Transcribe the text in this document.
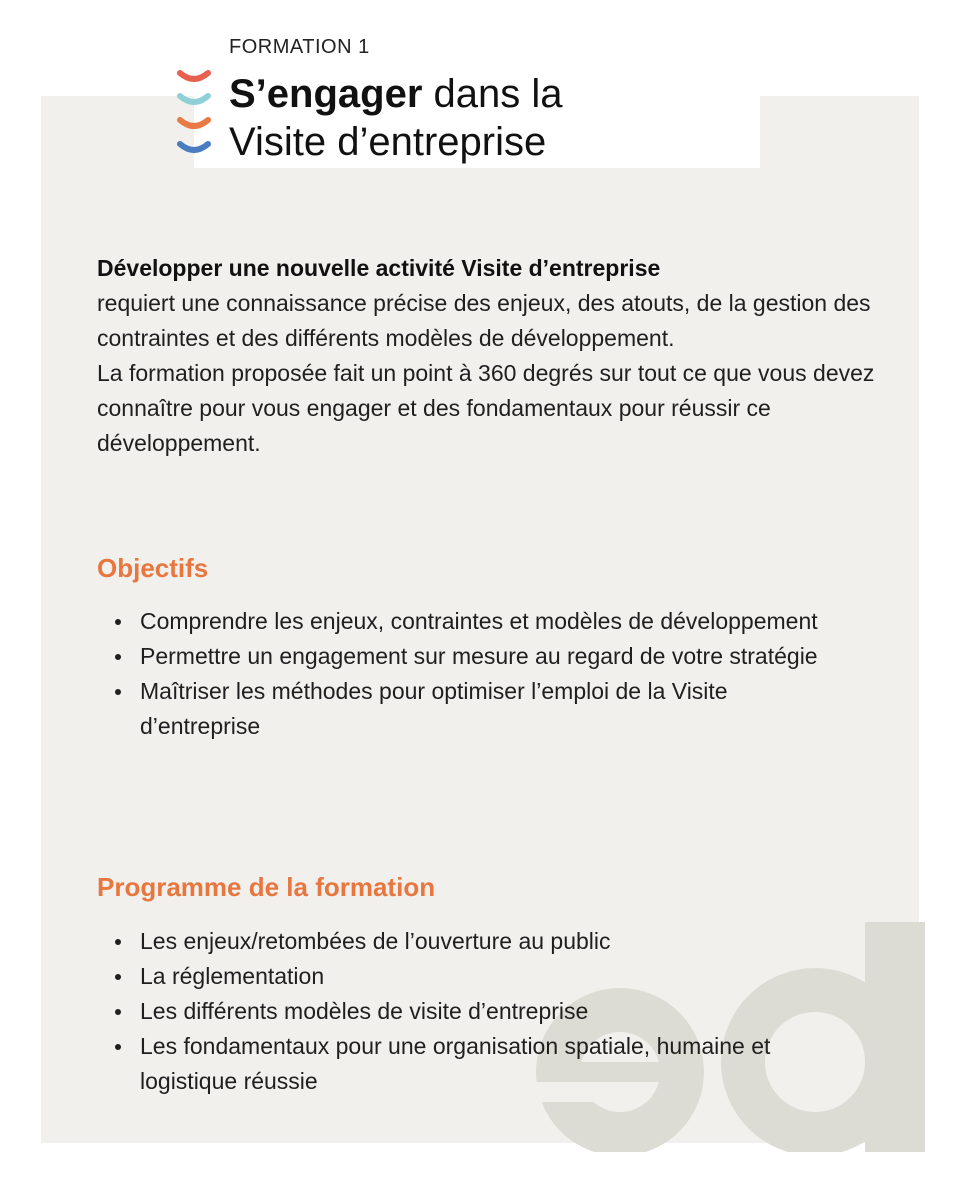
FORMATION 1
S’engager dans la
Visite d’entreprise

Développer une nouvelle activité Visite d’entreprise

requiert une connaissance précise des enjeux, des atouts, de la gestion des contraintes et des différents modèles de développement.

La formation proposée fait un point à 360 degrés sur tout ce que vous devez connaître pour vous engager et des fondamentaux pour réussir ce développement.

Objectifs
Comprendre les enjeux, contraintes et modèles de développement
Permettre un engagement sur mesure au regard de votre stratégie
Maîtriser les méthodes pour optimiser l’emploi de la Visite d’entreprise
Programme de la formation
Les enjeux/retombées de l’ouverture au public
La réglementation
Les différents modèles de visite d’entreprise
Les fondamentaux pour une organisation spatiale, humaine et logistique réussie
